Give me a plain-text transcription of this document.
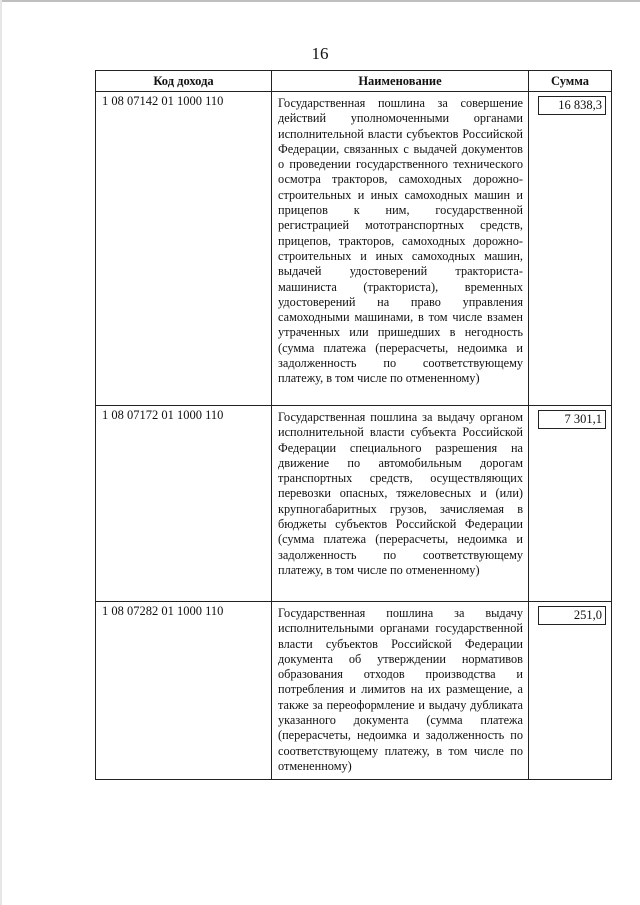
16
Код дохода	Наименование	Сумма
1 08 07142 01 1000 110	Государственная пошлина за совершение действий уполномоченными органами исполнительной власти субъектов Российской Федерации, связанных с выдачей документов о проведении государственного технического осмотра тракторов, самоходных дорожно-строительных и иных самоходных машин и прицепов к ним, государственной регистрацией мототранспортных средств, прицепов, тракторов, самоходных дорожно-строительных и иных самоходных машин, выдачей удостоверений тракториста-машиниста (тракториста), временных удостоверений на право управления самоходными машинами, в том числе взамен утраченных или пришедших в негодность (сумма платежа (перерасчеты, недоимка и задолженность по соответствующему платежу, в том числе по отмененному)	16 838,3

1 08 07172 01 1000 110	Государственная пошлина за выдачу органом исполнительной власти субъекта Российской Федерации специального разрешения на движение по автомобильным дорогам транспортных средств, осуществляющих перевозки опасных, тяжеловесных и (или) крупногабаритных грузов, зачисляемая в бюджеты субъектов Российской Федерации (сумма платежа (перерасчеты, недоимка и задолженность по соответствующему платежу, в том числе по отмененному)	7 301,1

1 08 07282 01 1000 110	Государственная пошлина за выдачу исполнительными органами государственной власти субъектов Российской Федерации документа об утверждении нормативов образования отходов производства и потребления и лимитов на их размещение, а также за переоформление и выдачу дубликата указанного документа (сумма платежа (перерасчеты, недоимка и задолженность по соответствующему платежу, в том числе по отмененному)	251,0
